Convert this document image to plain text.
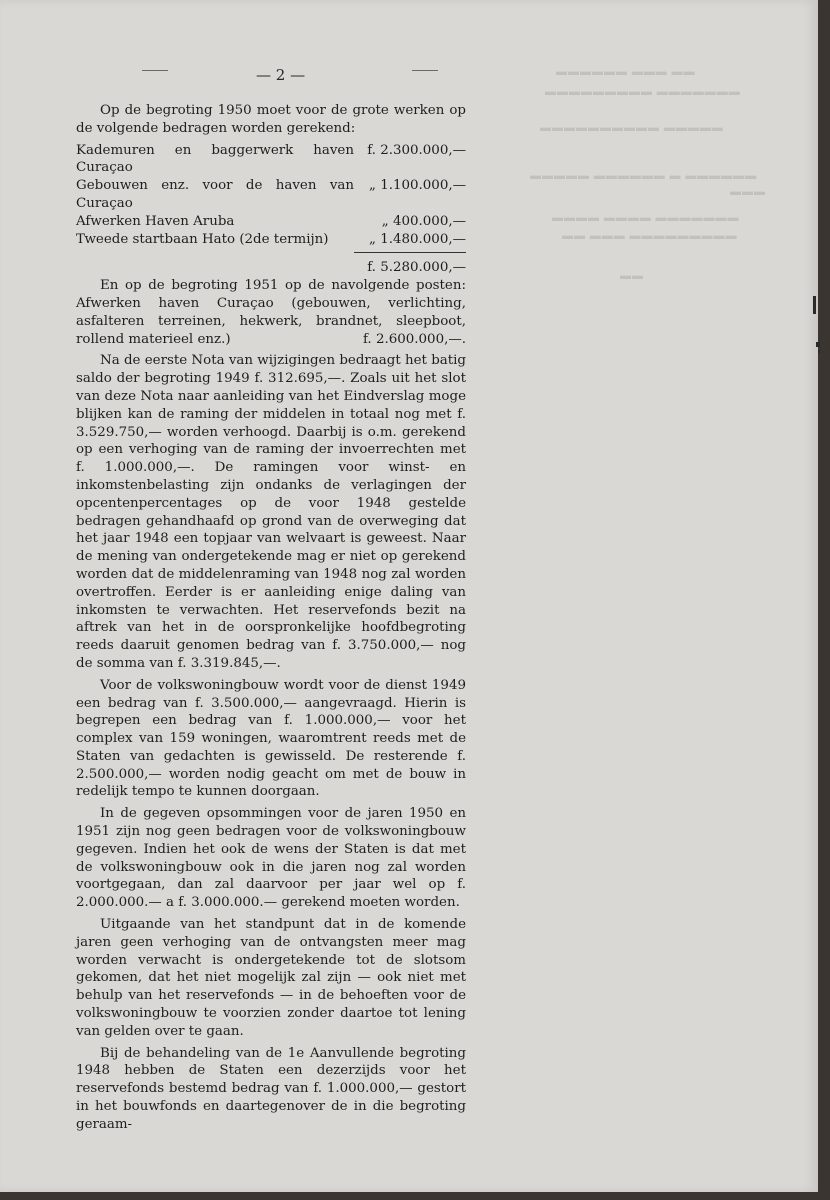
▬▬▬▬▬▬ ▬▬▬ ▬▬
▬▬▬▬▬▬▬▬▬ ▬▬▬▬▬▬▬
▬▬▬▬▬▬▬▬▬▬ ▬▬▬▬▬
▬▬▬▬▬ ▬▬▬▬▬▬ ▬ ▬▬▬▬▬▬
▬▬▬
▬▬▬▬ ▬▬▬▬ ▬▬▬▬▬▬▬
▬▬ ▬▬▬ ▬▬▬▬▬▬▬▬▬
▬▬
— 2 —

Op de begroting 1950 moet voor de grote werken op de volgende bedragen worden gerekend:

Kademuren en baggerwerk haven Curaçao
f. 2.300.000,—
Gebouwen enz. voor de haven van Curaçao
„ 1.100.000,—
Afwerken Haven Aruba	„ 400.000,—
Tweede startbaan Hato (2de termijn)	„ 1.480.000,—
f. 5.280.000,—

En op de begroting 1951 op de navolgende posten: Afwerken haven Curaçao (gebouwen, verlichting, asfalteren terreinen, hekwerk, brandnet, sleepboot, rollend materieel enz.)	f. 2.600.000,—.

Na de eerste Nota van wijzigingen bedraagt het batig saldo der begroting 1949 f. 312.695,—. Zoals uit het slot van deze Nota naar aanleiding van het Eindverslag moge blijken kan de raming der middelen in totaal nog met f. 3.529.750,— worden verhoogd. Daarbij is o.m. gerekend op een verhoging van de raming der invoerrechten met f. 1.000.000,—. De ramingen voor winst- en inkomstenbelasting zijn ondanks de verlagingen der opcentenpercentages op de voor 1948 gestelde bedragen gehandhaafd op grond van de overweging dat het jaar 1948 een topjaar van welvaart is geweest. Naar de mening van ondergetekende mag er niet op gerekend worden dat de middelenraming van 1948 nog zal worden overtroffen. Eerder is er aanleiding enige daling van inkomsten te verwachten. Het reservefonds bezit na aftrek van het in de oorspronkelijke hoofdbegroting reeds daaruit genomen bedrag van f. 3.750.000,— nog de somma van f. 3.319.845,—.

Voor de volkswoningbouw wordt voor de dienst 1949 een bedrag van f. 3.500.000,— aangevraagd. Hierin is begrepen een bedrag van f. 1.000.000,— voor het complex van 159 woningen, waaromtrent reeds met de Staten van gedachten is gewisseld. De resterende f. 2.500.000,— worden nodig geacht om met de bouw in redelijk tempo te kunnen doorgaan.

In de gegeven opsommingen voor de jaren 1950 en 1951 zijn nog geen bedragen voor de volkswoningbouw gegeven. Indien het ook de wens der Staten is dat met de volkswoningbouw ook in die jaren nog zal worden voortgegaan, dan zal daarvoor per jaar wel op f. 2.000.000.— a f. 3.000.000.— gerekend moeten worden.

Uitgaande van het standpunt dat in de komende jaren geen verhoging van de ontvangsten meer mag worden verwacht is ondergetekende tot de slotsom gekomen, dat het niet mogelijk zal zijn — ook niet met behulp van het reservefonds — in de behoeften voor de volkswoningbouw te voorzien zonder daartoe tot lening van gelden over te gaan.

Bij de behandeling van de 1e Aanvullende begroting 1948 hebben de Staten een dezerzijds voor het reservefonds bestemd bedrag van f. 1.000.000,— gestort in het bouwfonds en daartegenover de in die begroting geraam-
